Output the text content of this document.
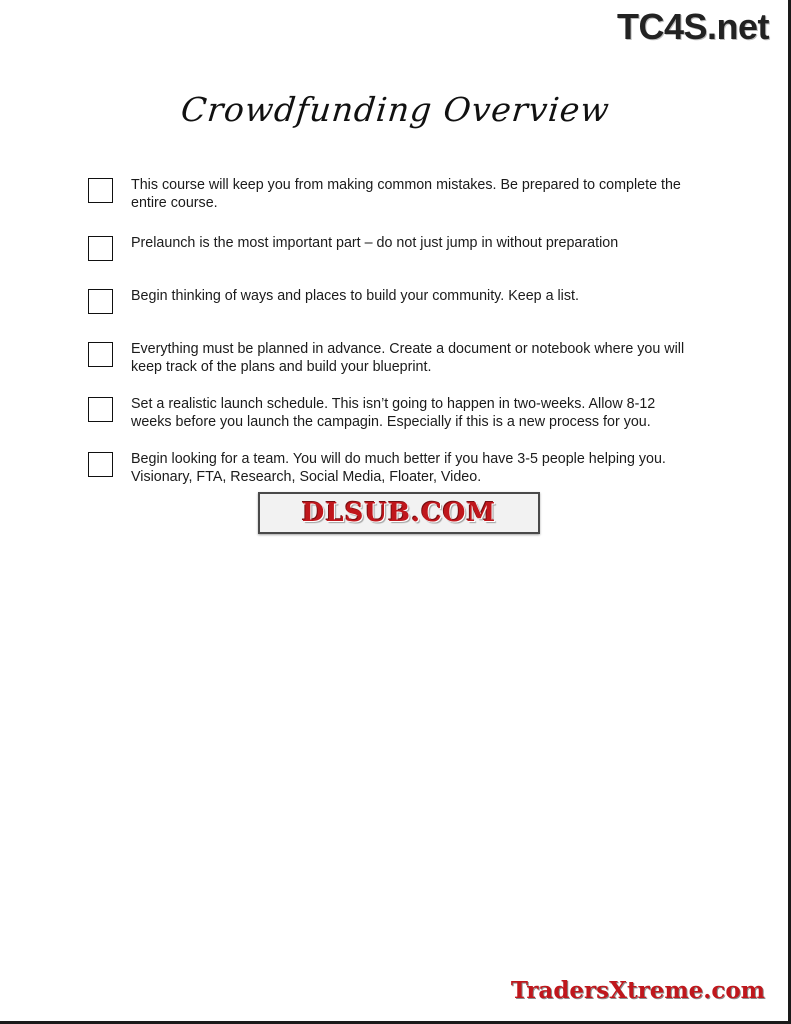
TC4S.net
Crowdfunding Overview
This course will keep you from making common mistakes. Be prepared to complete the entire course.
Prelaunch is the most important part – do not just jump in without preparation
Begin thinking of ways and places to build your community. Keep a list.
Everything must be planned in advance. Create a document or notebook where you will keep track of the plans and build your blueprint.
Set a realistic launch schedule. This isn’t going to happen in two-weeks. Allow 8-12 weeks before you launch the campagin. Especially if this is a new process for you.
Begin looking for a team. You will do much better if you have 3-5 people helping you. Visionary, FTA, Research, Social Media, Floater, Video.
DLSUB.COM
TradersXtreme.com
